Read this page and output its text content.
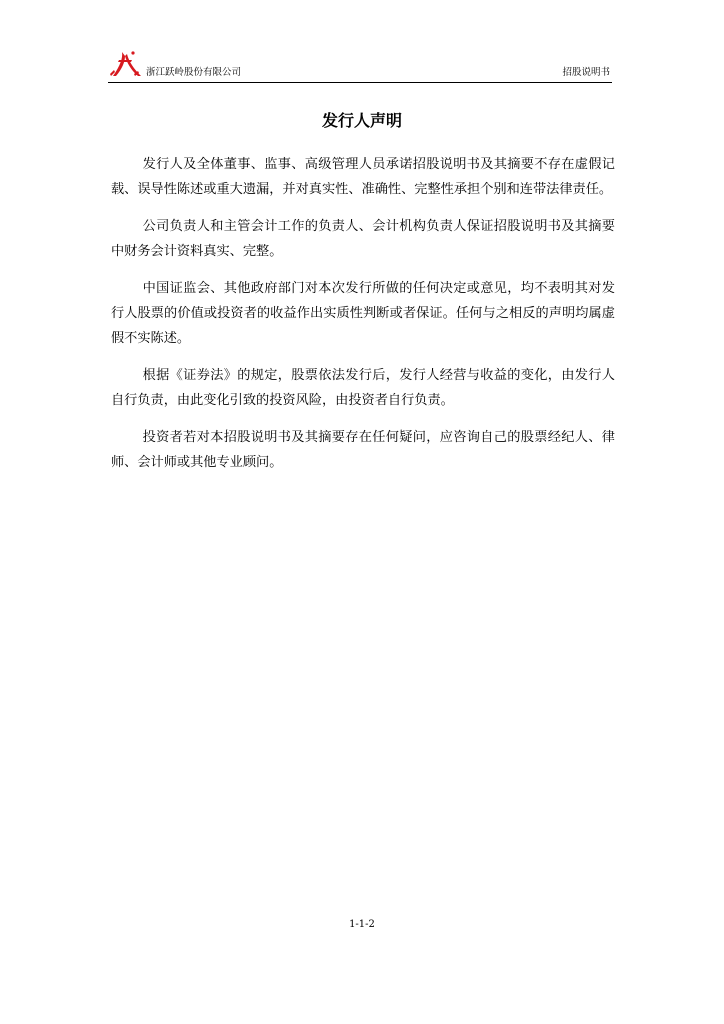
浙江跃岭股份有限公司	招股说明书
发行人声明

发行人及全体董事、监事、高级管理人员承诺招股说明书及其摘要不存在虚假记载、误导性陈述或重大遗漏，并对真实性、准确性、完整性承担个别和连带法律责任。

公司负责人和主管会计工作的负责人、会计机构负责人保证招股说明书及其摘要中财务会计资料真实、完整。

中国证监会、其他政府部门对本次发行所做的任何决定或意见，均不表明其对发行人股票的价值或投资者的收益作出实质性判断或者保证。任何与之相反的声明均属虚假不实陈述。

根据《证券法》的规定，股票依法发行后，发行人经营与收益的变化，由发行人自行负责，由此变化引致的投资风险，由投资者自行负责。

投资者若对本招股说明书及其摘要存在任何疑问，应咨询自己的股票经纪人、律师、会计师或其他专业顾问。

1-1-2
